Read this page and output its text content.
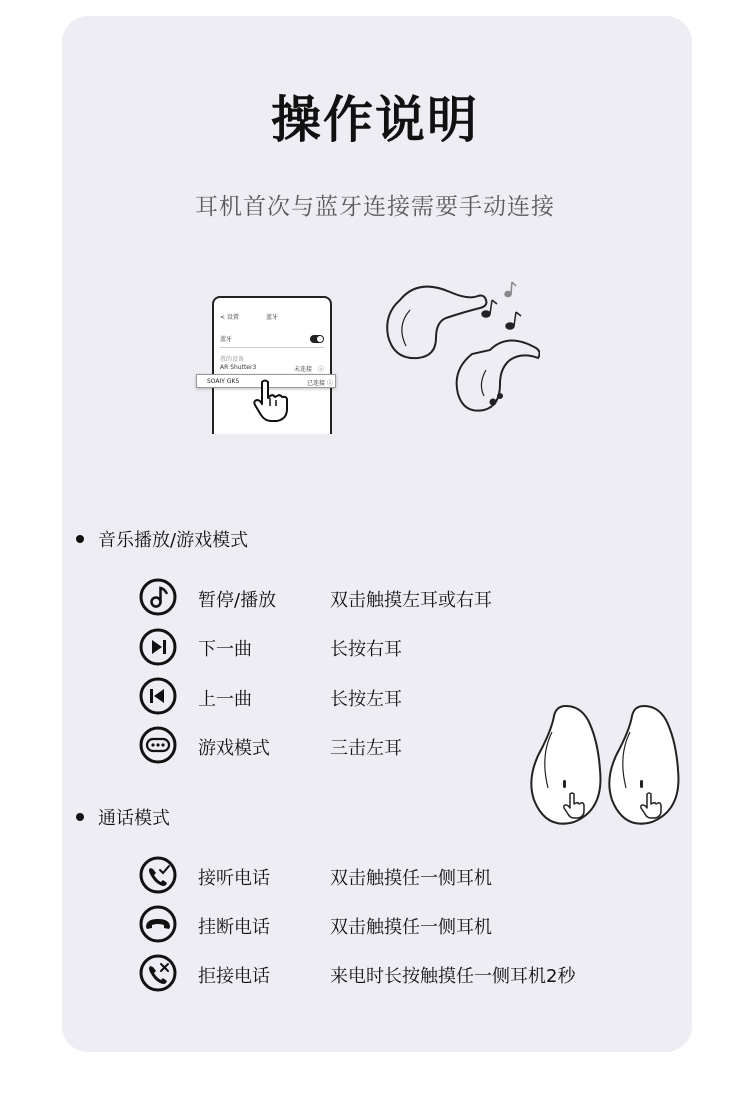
操作说明
耳机首次与蓝牙连接需要手动连接
< 设置	蓝牙
蓝牙
我的设备
AR Shutter3	未连接 ⓘ
SOAIY GK5	已连接 ⓘ
音乐播放/游戏模式
暂停/播放	双击触摸左耳或右耳
下一曲	长按右耳
上一曲	长按左耳
游戏模式	三击左耳
通话模式
接听电话	双击触摸任一侧耳机
挂断电话	双击触摸任一侧耳机
拒接电话	来电时长按触摸任一侧耳机2秒
